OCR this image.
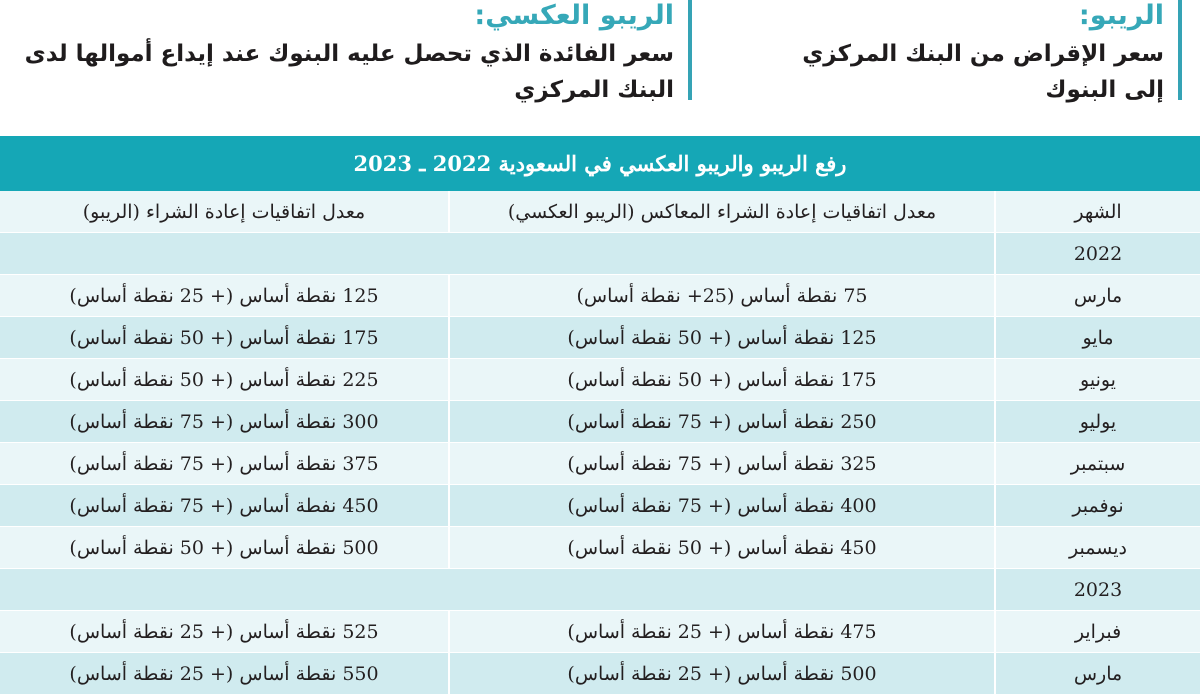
الريبو:
سعر الإقراض من البنك المركزي إلى البنوك
الريبو العكسي:
سعر الفائدة الذي تحصل عليه البنوك عند إيداع أموالها لدى البنك المركزي
رفع الريبو والريبو العكسي في السعودية 2022 ـ 2023
الشهر
معدل اتفاقيات إعادة الشراء المعاكس (الريبو العكسي)
معدل اتفاقيات إعادة الشراء (الريبو)
2022
مارس
75 نقطة أساس (25+ نقطة أساس)
125 نقطة أساس (+ 25 نقطة أساس)
مايو
125 نقطة أساس (+ 50 نقطة أساس)
175 نقطة أساس (+ 50 نقطة أساس)
يونيو
175 نقطة أساس (+ 50 نقطة أساس)
225 نقطة أساس (+ 50 نقطة أساس)
يوليو
250 نقطة أساس (+ 75 نقطة أساس)
300 نقطة أساس (+ 75 نقطة أساس)
سبتمبر
325 نقطة أساس (+ 75 نقطة أساس)
375 نقطة أساس (+ 75 نقطة أساس)
نوفمبر
400 نقطة أساس (+ 75 نقطة أساس)
450 نفطة أساس (+ 75 نقطة أساس)
ديسمبر
450 نقطة أساس (+ 50 نقطة أساس)
500 نقطة أساس (+ 50 نقطة أساس)
2023
فبراير
475 نقطة أساس (+ 25 نقطة أساس)
525 نقطة أساس (+ 25 نقطة أساس)
مارس
500 نقطة أساس (+ 25 نقطة أساس)
550 نقطة أساس (+ 25 نقطة أساس)
